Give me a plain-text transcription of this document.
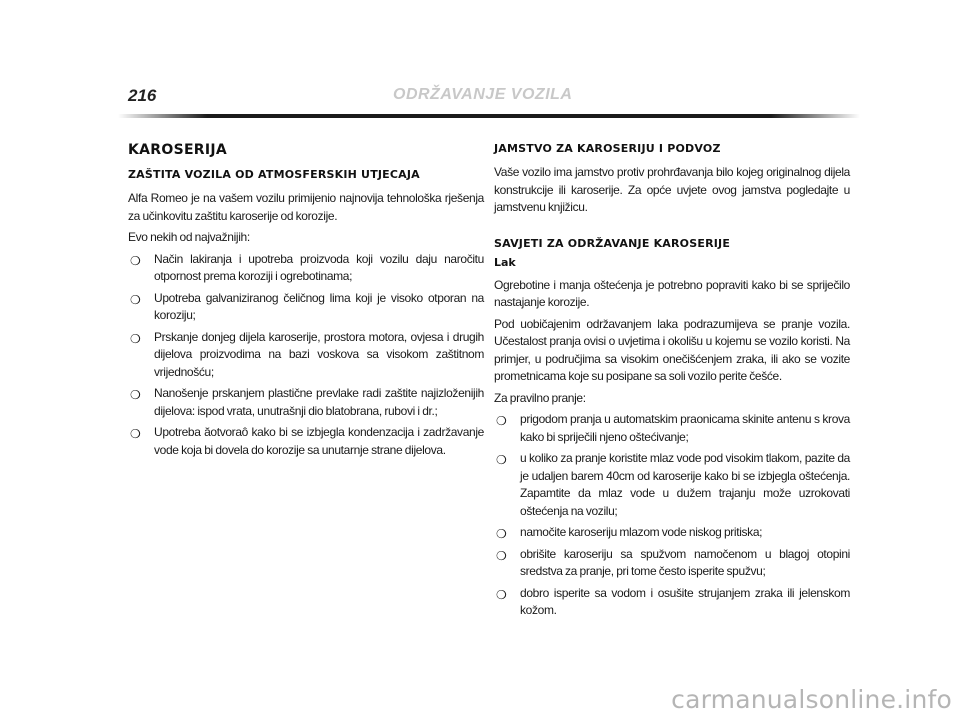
216	ODRŽAVANJE VOZILA
KAROSERIJA
ZAŠTITA VOZILA OD ATMOSFERSKIH UTJECAJA

Alfa Romeo je na vašem vozilu primijenio najnovija tehnološka rješenja za učinkovitu zaštitu karoserije od korozije.

Evo nekih od najvažnijih:

❍ Način lakiranja i upotreba proizvoda koji vozilu daju naročitu otpornost prema koroziji i ogrebotinama;
❍ Upotreba galvaniziranog čeličnog lima koji je visoko otporan na koroziju;
❍ Prskanje donjeg dijela karoserije, prostora motora, ovjesa i drugih dijelova proizvodima na bazi voskova sa visokom zaštitnom vrijednošću;
❍ Nanošenje prskanjem plastične prevlake radi zaštite najizloženijih dijelova: ispod vrata, unutrašnji dio blatobrana, rubovi i dr.;
❍ Upotreba ăotvoraô kako bi se izbjegla kondenzacija i zadržavanje vode koja bi dovela do korozije sa unutarnje strane dijelova.
JAMSTVO ZA KAROSERIJU I PODVOZ

Vaše vozilo ima jamstvo protiv prohrđavanja bilo kojeg originalnog dijela konstrukcije ili karoserije. Za opće uvjete ovog jamstva pogledajte u jamstvenu knjižicu.

SAVJETI ZA ODRŽAVANJE KAROSERIJE
Lak

Ogrebotine i manja oštećenja je potrebno popraviti kako bi se spriječilo nastajanje korozije.

Pod uobičajenim održavanjem laka podrazumijeva se pranje vozila. Učestalost pranja ovisi o uvjetima i okolišu u kojemu se vozilo koristi. Na primjer, u područjima sa visokim onečišćenjem zraka, ili ako se vozite prometnicama koje su posipane sa soli vozilo perite češće.

Za pravilno pranje:

❍ prigodom pranja u automatskim praonicama skinite antenu s krova kako bi spriječili njeno oštećivanje;
❍ u koliko za pranje koristite mlaz vode pod visokim tlakom, pazite da je udaljen barem 40cm od karoserije kako bi se izbjegla oštećenja. Zapamtite da mlaz vode u dužem trajanju može uzrokovati oštećenja na vozilu;
❍ namočite karoseriju mlazom vode niskog pritiska;
❍ obrišite karoseriju sa spužvom namočenom u blagoj otopini sredstva za pranje, pri tome često isperite spužvu;
❍ dobro isperite sa vodom i osušite strujanjem zraka ili jelenskom kožom.
carmanualsonline.info
